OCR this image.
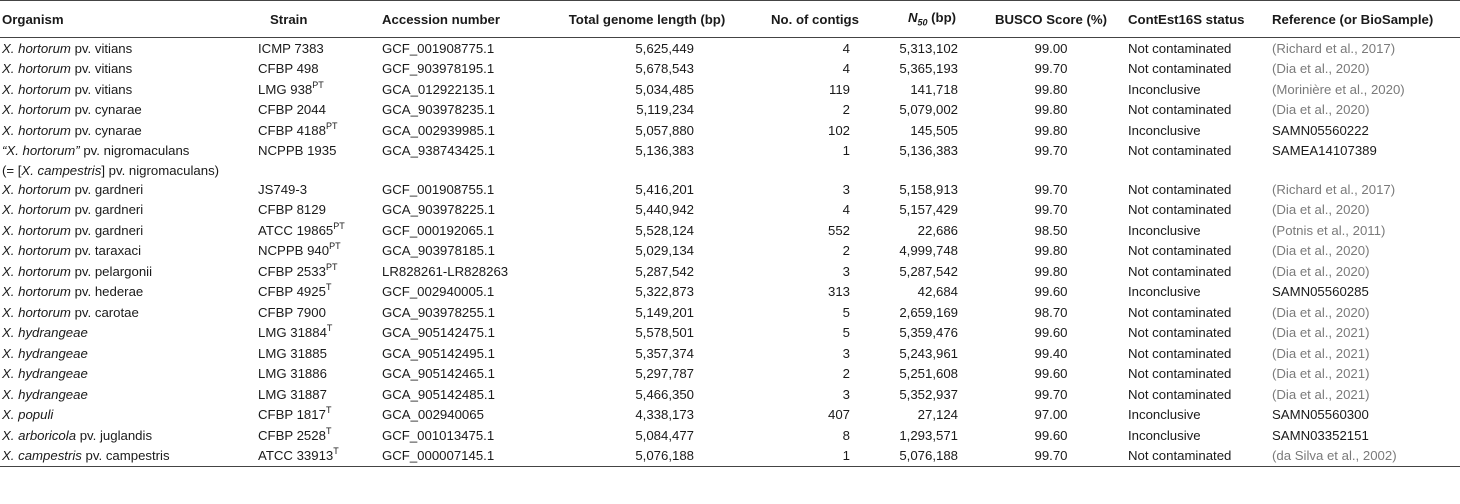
Organism	Strain	Accession number	Total genome length (bp)	No. of contigs	$N_{50}$ (bp)	BUSCO Score (%)	ContEst16S status	Reference (or BioSample)
X. hortorum pv. vitians	ICMP 7383	GCF_001908775.1	5,625,449	4	5,313,102	99.00	Not contaminated	(Richard et al., 2017)
X. hortorum pv. vitians	CFBP 498	GCF_903978195.1	5,678,543	4	5,365,193	99.70	Not contaminated	(Dia et al., 2020)
X. hortorum pv. vitians	LMG $938^{PT}$	GCA_012922135.1	5,034,485	119	141,718	99.80	Inconclusive	(Morinière et al., 2020)
X. hortorum pv. cynarae	CFBP 2044	GCA_903978235.1	5,119,234	2	5,079,002	99.80	Not contaminated	(Dia et al., 2020)
X. hortorum pv. cynarae	CFBP $4188^{PT}$	GCA_002939985.1	5,057,880	102	145,505	99.80	Inconclusive	SAMN05560222
“X. hortorum” pv. nigromaculans	NCPPB 1935	GCA_938743425.1	5,136,383	1	5,136,383	99.70	Not contaminated	SAMEA14107389
(= [X. campestris] pv. nigromaculans)								
X. hortorum pv. gardneri	JS749-3	GCF_001908755.1	5,416,201	3	5,158,913	99.70	Not contaminated	(Richard et al., 2017)
X. hortorum pv. gardneri	CFBP 8129	GCA_903978225.1	5,440,942	4	5,157,429	99.70	Not contaminated	(Dia et al., 2020)
X. hortorum pv. gardneri	ATCC $19865^{PT}$	GCF_000192065.1	5,528,124	552	22,686	98.50	Inconclusive	(Potnis et al., 2011)
X. hortorum pv. taraxaci	NCPPB $940^{PT}$	GCA_903978185.1	5,029,134	2	4,999,748	99.80	Not contaminated	(Dia et al., 2020)
X. hortorum pv. pelargonii	CFBP $2533^{PT}$	LR828261-LR828263	5,287,542	3	5,287,542	99.80	Not contaminated	(Dia et al., 2020)
X. hortorum pv. hederae	CFBP $4925^T$	GCF_002940005.1	5,322,873	313	42,684	99.60	Inconclusive	SAMN05560285
X. hortorum pv. carotae	CFBP 7900	GCA_903978255.1	5,149,201	5	2,659,169	98.70	Not contaminated	(Dia et al., 2020)
X. hydrangeae	LMG $31884^T$	GCA_905142475.1	5,578,501	5	5,359,476	99.60	Not contaminated	(Dia et al., 2021)
X. hydrangeae	LMG 31885	GCA_905142495.1	5,357,374	3	5,243,961	99.40	Not contaminated	(Dia et al., 2021)
X. hydrangeae	LMG 31886	GCA_905142465.1	5,297,787	2	5,251,608	99.60	Not contaminated	(Dia et al., 2021)
X. hydrangeae	LMG 31887	GCA_905142485.1	5,466,350	3	5,352,937	99.70	Not contaminated	(Dia et al., 2021)
X. populi	CFBP $1817^T$	GCA_002940065	4,338,173	407	27,124	97.00	Inconclusive	SAMN05560300
X. arboricola pv. juglandis	CFBP $2528^T$	GCF_001013475.1	5,084,477	8	1,293,571	99.60	Inconclusive	SAMN03352151
X. campestris pv. campestris	ATCC $33913^T$	GCF_000007145.1	5,076,188	1	5,076,188	99.70	Not contaminated	(da Silva et al., 2002)
